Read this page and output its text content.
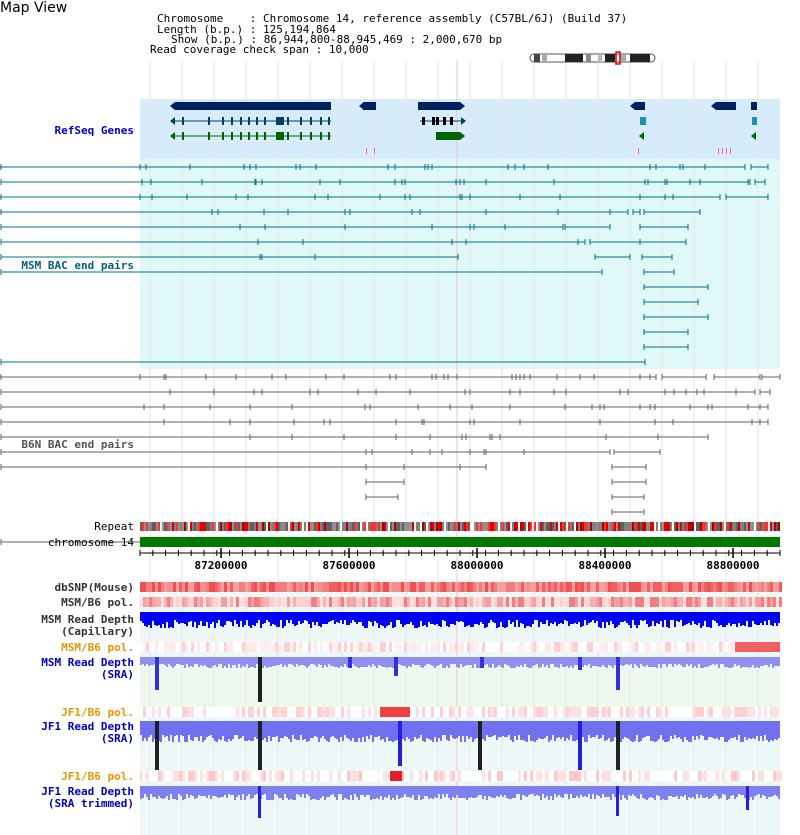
Map View
Chromosome    : Chromosome 14, reference assembly (C57BL/6J) (Build 37)
Length (b.p.) : 125,194,864
Show (b.p.) : 86,944,800-88,945,469 : 2,000,670 bp
Read coverage check span : 10,000
RefSeq Genes
MSM BAC end pairs
B6N BAC end pairs
Repeat
chromosome 14
dbSNP(Mouse)
MSM/B6 pol.
MSM Read Depth
(Capillary)
MSM/B6 pol.
MSM Read Depth
(SRA)
JF1/B6 pol.
JF1 Read Depth
(SRA)
JF1/B6 pol.
JF1 Read Depth
(SRA trimmed)
87200000	87600000	88000000	88400000	88800000
